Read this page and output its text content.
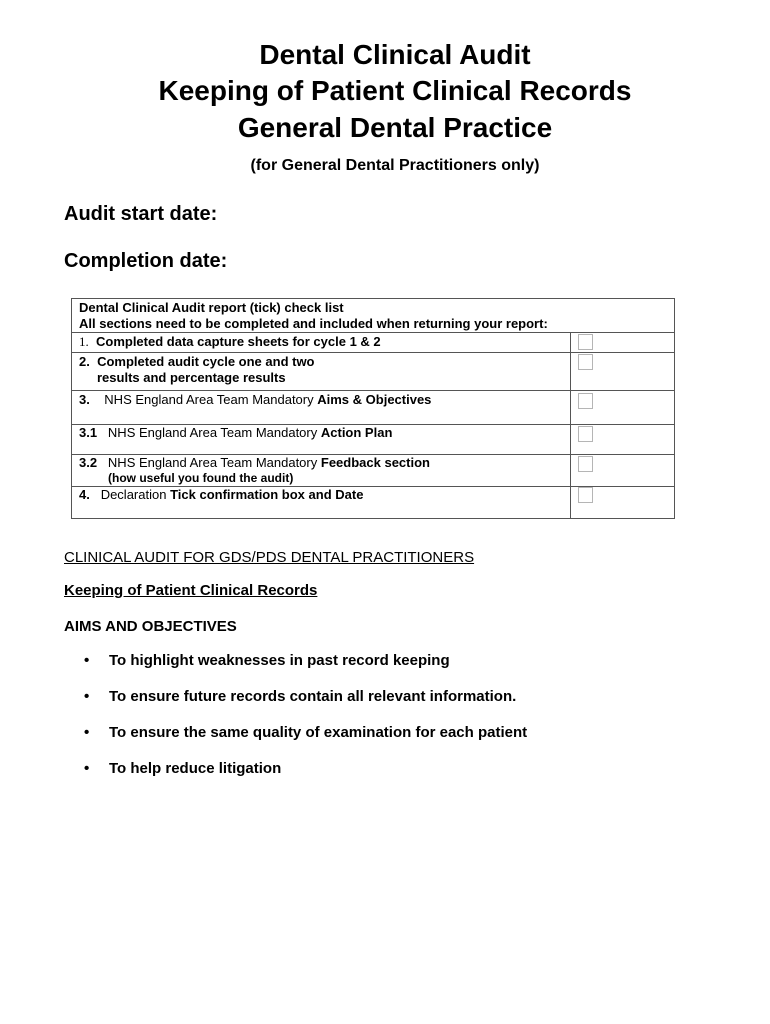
Dental Clinical Audit
Keeping of Patient Clinical Records
General Dental Practice
(for General Dental Practitioners only)
Audit start date:
Completion date:
Dental Clinical Audit report (tick) check list
All sections need to be completed and included when returning your report:
1. Completed data capture sheets for cycle 1 & 2
2. Completed audit cycle one and two
results and percentage results
3. NHS England Area Team Mandatory Aims & Objectives
3.1 NHS England Area Team Mandatory Action Plan
3.2 NHS England Area Team Mandatory Feedback section
(how useful you found the audit)
4. Declaration Tick confirmation box and Date
CLINICAL AUDIT FOR GDS/PDS DENTAL PRACTITIONERS
Keeping of Patient Clinical Records
AIMS AND OBJECTIVES
•	To highlight weaknesses in past record keeping
•	To ensure future records contain all relevant information.
•	To ensure the same quality of examination for each patient
•	To help reduce litigation
